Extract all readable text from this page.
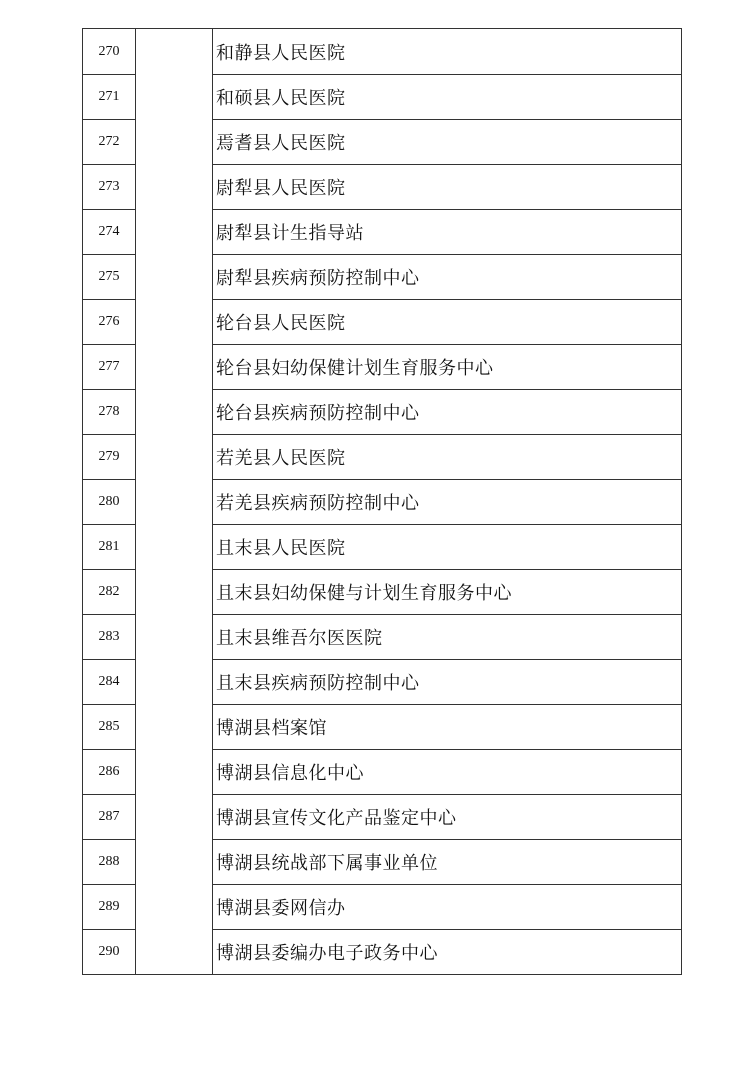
270		和静县人民医院
271		和硕县人民医院
272		焉耆县人民医院
273		尉犁县人民医院
274		尉犁县计生指导站
275		尉犁县疾病预防控制中心
276		轮台县人民医院
277		轮台县妇幼保健计划生育服务中心
278		轮台县疾病预防控制中心
279		若羌县人民医院
280		若羌县疾病预防控制中心
281		且末县人民医院
282		且末县妇幼保健与计划生育服务中心
283		且末县维吾尔医医院
284		且末县疾病预防控制中心
285		博湖县档案馆
286		博湖县信息化中心
287		博湖县宣传文化产品鉴定中心
288		博湖县统战部下属事业单位
289		博湖县委网信办
290		博湖县委编办电子政务中心
